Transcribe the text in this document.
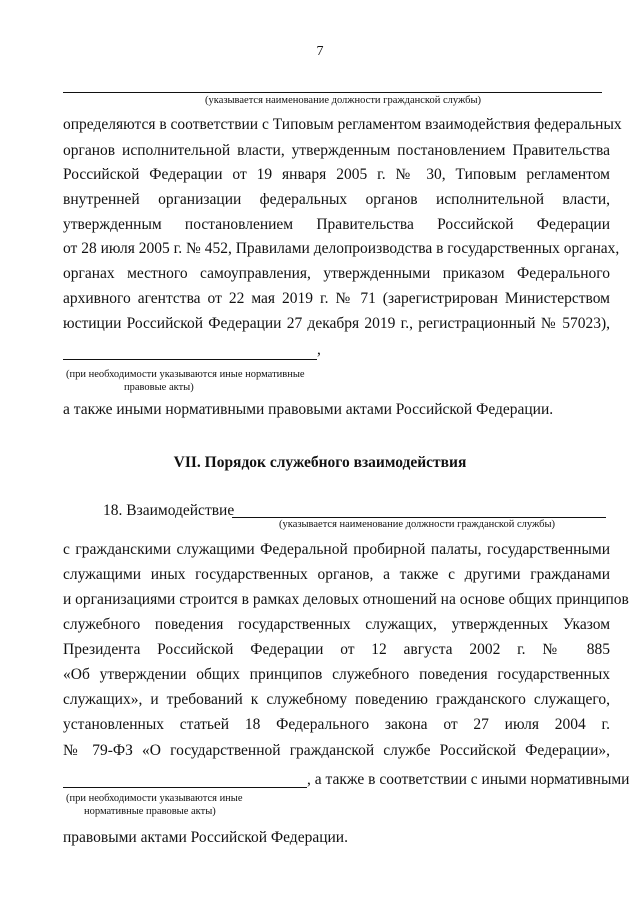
7
(указывается наименование должности гражданской службы)
определяются в соответствии с Типовым регламентом взаимодействия федеральных
органов исполнительной власти, утвержденным постановлением Правительства
Российской Федерации от 19 января 2005 г. № 30, Типовым регламентом
внутренней организации федеральных органов исполнительной власти,
утвержденным постановлением Правительства Российской Федерации
от 28 июля 2005 г. № 452, Правилами делопроизводства в государственных органах,
органах местного самоуправления, утвержденными приказом Федерального
архивного агентства от 22 мая 2019 г. № 71 (зарегистрирован Министерством
юстиции Российской Федерации 27 декабря 2019 г., регистрационный № 57023),
,
(при необходимости указываются иные нормативные
правовые акты)
а также иными нормативными правовыми актами Российской Федерации.
VII. Порядок служебного взаимодействия
18. Взаимодействие
(указывается наименование должности гражданской службы)
с гражданскими служащими Федеральной пробирной палаты, государственными
служащими иных государственных органов, а также с другими гражданами
и организациями строится в рамках деловых отношений на основе общих принципов
служебного поведения государственных служащих, утвержденных Указом
Президента Российской Федерации от 12 августа 2002 г. № 885
«Об утверждении общих принципов служебного поведения государственных
служащих», и требований к служебному поведению гражданского служащего,
установленных статьей 18 Федерального закона от 27 июля 2004 г.
№ 79-ФЗ «О государственной гражданской службе Российской Федерации»,
, а также в соответствии с иными нормативными
(при необходимости указываются иные
нормативные правовые акты)
правовыми актами Российской Федерации.
